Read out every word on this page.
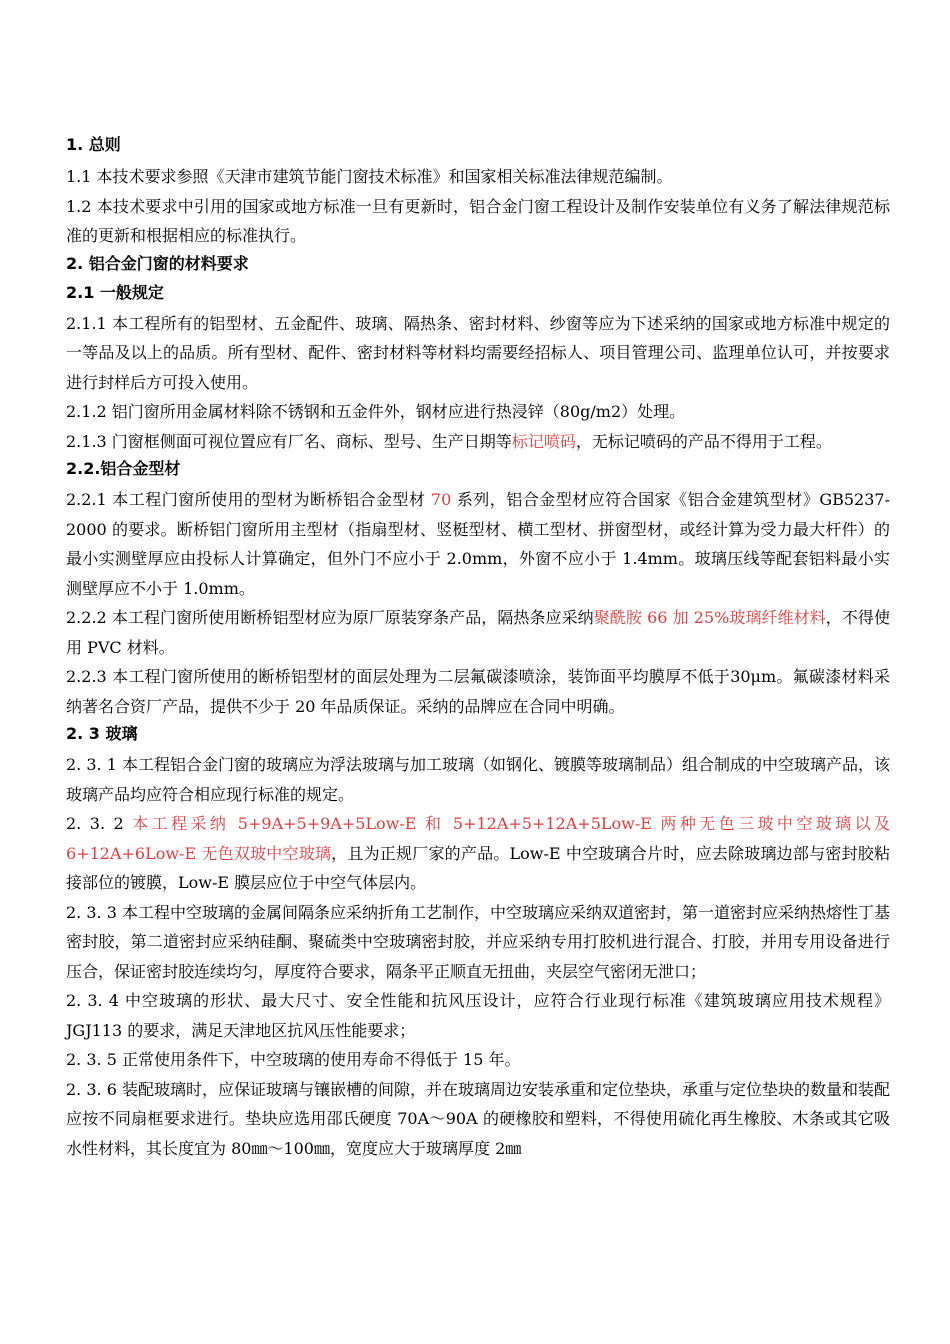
1. 总则

1.1 本技术要求参照《天津市建筑节能门窗技术标准》和国家相关标准法律规范编制。

1.2 本技术要求中引用的国家或地方标准一旦有更新时，铝合金门窗工程设计及制作安装单位有义务了解法律规范标准的更新和根据相应的标准执行。

2. 铝合金门窗的材料要求
2.1 一般规定

2.1.1 本工程所有的铝型材、五金配件、玻璃、隔热条、密封材料、纱窗等应为下述采纳的国家或地方标准中规定的一等品及以上的品质。所有型材、配件、密封材料等材料均需要经招标人、项目管理公司、监理单位认可，并按要求进行封样后方可投入使用。

2.1.2 铝门窗所用金属材料除不锈钢和五金件外，钢材应进行热浸锌（80g/m2）处理。

2.1.3 门窗框侧面可视位置应有厂名、商标、型号、生产日期等标记喷码，无标记喷码的产品不得用于工程。

2.2.铝合金型材

2.2.1 本工程门窗所使用的型材为断桥铝合金型材 70 系列，铝合金型材应符合国家《铝合金建筑型材》GB5237-2000 的要求。断桥铝门窗所用主型材（指扇型材、竖梃型材、横工型材、拼窗型材，或经计算为受力最大杆件）的最小实测壁厚应由投标人计算确定，但外门不应小于 2.0mm，外窗不应小于 1.4mm。玻璃压线等配套铝料最小实测壁厚应不小于 1.0mm。

2.2.2 本工程门窗所使用断桥铝型材应为原厂原装穿条产品，隔热条应采纳聚酰胺 66 加 25%玻璃纤维材料，不得使用 PVC 材料。

2.2.3 本工程门窗所使用的断桥铝型材的面层处理为二层氟碳漆喷涂，装饰面平均膜厚不低于30μm。氟碳漆材料采纳著名合资厂产品，提供不少于 20 年品质保证。采纳的品牌应在合同中明确。

2. 3 玻璃

2. 3. 1 本工程铝合金门窗的玻璃应为浮法玻璃与加工玻璃（如钢化、镀膜等玻璃制品）组合制成的中空玻璃产品，该玻璃产品均应符合相应现行标准的规定。

2. 3. 2 本工程采纳 5+9A+5+9A+5Low-E 和 5+12A+5+12A+5Low-E 两种无色三玻中空玻璃以及6+12A+6Low-E 无色双玻中空玻璃，且为正规厂家的产品。Low-E 中空玻璃合片时，应去除玻璃边部与密封胶粘接部位的镀膜，Low-E 膜层应位于中空气体层内。

2. 3. 3 本工程中空玻璃的金属间隔条应采纳折角工艺制作，中空玻璃应采纳双道密封，第一道密封应采纳热熔性丁基密封胶，第二道密封应采纳硅酮、聚硫类中空玻璃密封胶，并应采纳专用打胶机进行混合、打胶，并用专用设备进行压合，保证密封胶连续均匀，厚度符合要求，隔条平正顺直无扭曲，夹层空气密闭无泄口；

2. 3. 4 中空玻璃的形状、最大尺寸、安全性能和抗风压设计，应符合行业现行标准《建筑玻璃应用技术规程》JGJ113 的要求，满足天津地区抗风压性能要求；

2. 3. 5 正常使用条件下，中空玻璃的使用寿命不得低于 15 年。

2. 3. 6 装配玻璃时，应保证玻璃与镶嵌槽的间隙，并在玻璃周边安装承重和定位垫块，承重与定位垫块的数量和装配应按不同扇框要求进行。垫块应选用邵氏硬度 70A～90A 的硬橡胶和塑料，不得使用硫化再生橡胶、木条或其它吸水性材料，其长度宜为 80㎜～100㎜，宽度应大于玻璃厚度 2㎜
